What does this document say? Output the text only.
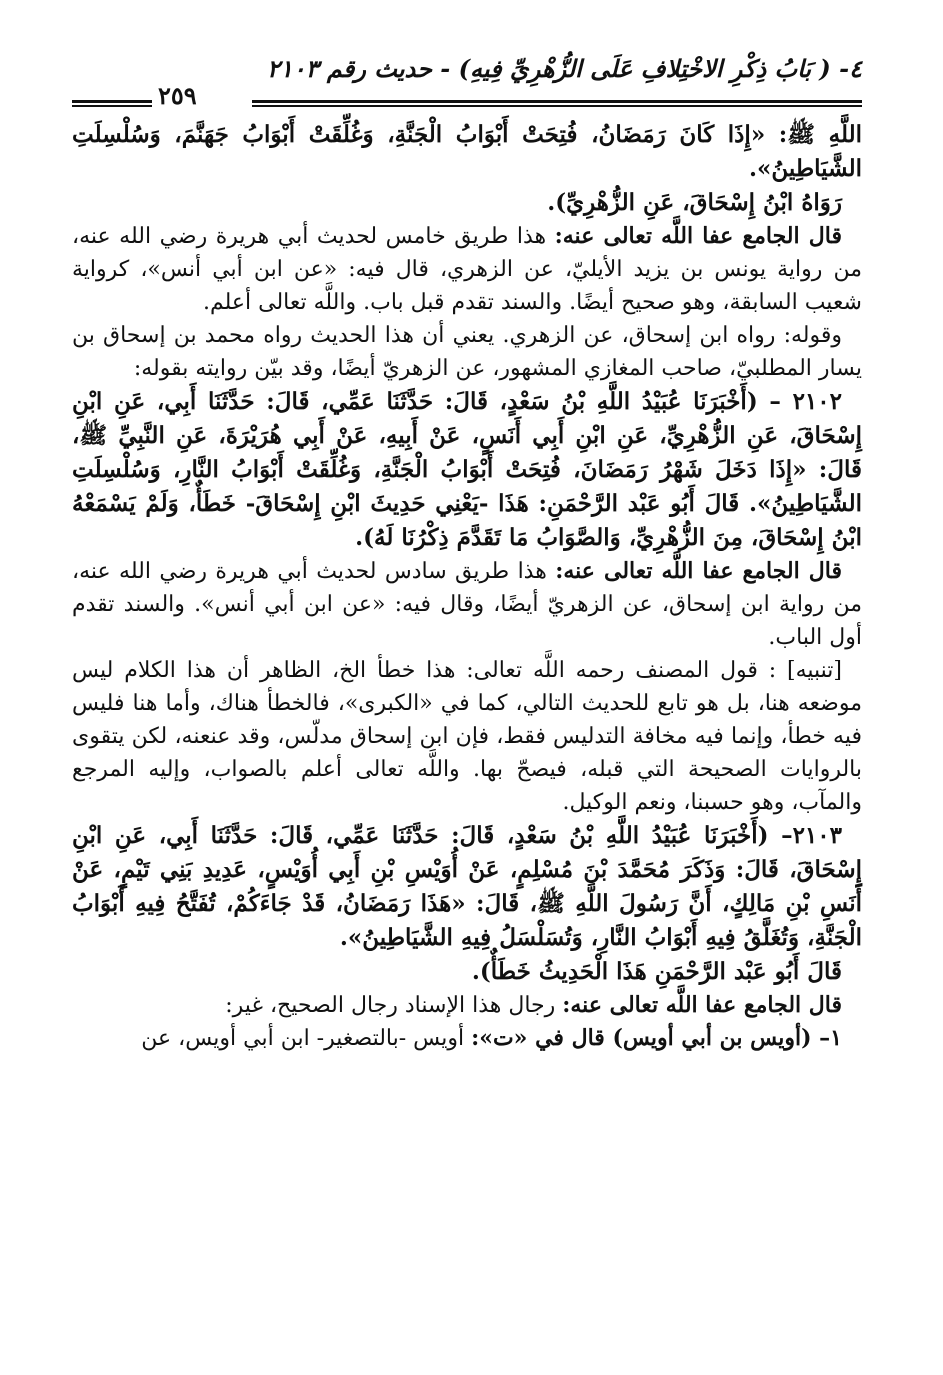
٤- ( بَابُ ذِكْرِ الاخْتِلافِ عَلَى الزُّهْرِيِّ فِيهِ) - حديث رقم ٢١٠٣
٢٥٩

اللَّهِ ﷺ: «إِذَا كَانَ رَمَضَانُ، فُتِحَتْ أَبْوَابُ الْجَنَّةِ، وَغُلِّقَتْ أَبْوَابُ جَهَنَّمَ، وَسُلْسِلَتِ الشَّيَاطِينُ».

رَوَاهُ ابْنُ إِسْحَاقَ، عَنِ الزُّهْرِيِّ).

قال الجامع عفا اللَّه تعالى عنه: هذا طريق خامس لحديث أبي هريرة رضي الله عنه، من رواية يونس بن يزيد الأيليّ، عن الزهري، قال فيه: «عن ابن أبي أنس»، كرواية شعيب السابقة، وهو صحيح أيضًا. والسند تقدم قبل باب. واللَّه تعالى أعلم.

وقوله: رواه ابن إسحاق، عن الزهري. يعني أن هذا الحديث رواه محمد بن إسحاق بن يسار المطلبيّ، صاحب المغازي المشهور، عن الزهريّ أيضًا، وقد بيّن روايته بقوله:

٢١٠٢ – (أَخْبَرَنَا عُبَيْدُ اللَّهِ بْنُ سَعْدٍ، قَالَ: حَدَّثَنَا عَمِّي، قَالَ: حَدَّثَنَا أَبِي، عَنِ ابْنِ إِسْحَاقَ، عَنِ الزُّهْرِيِّ، عَنِ ابْنِ أَبِي أَنَسٍ، عَنْ أَبِيهِ، عَنْ أَبِي هُرَيْرَةَ، عَنِ النَّبِيِّ ﷺ، قَالَ: «إِذَا دَخَلَ شَهْرُ رَمَضَانَ، فُتِحَتْ أَبْوَابُ الْجَنَّةِ، وَغُلِّقَتْ أَبْوَابُ النَّارِ، وَسُلْسِلَتِ الشَّيَاطِينُ». قَالَ أَبُو عَبْد الرَّحْمَنِ: هَذَا -يَعْنِي حَدِيثَ ابْنِ إِسْحَاقَ- خَطَأٌ، وَلَمْ يَسْمَعْهُ ابْنُ إِسْحَاقَ، مِنَ الزُّهْرِيِّ، وَالصَّوَابُ مَا تَقَدَّمَ ذِكْرُنَا لَهُ).

قال الجامع عفا اللَّه تعالى عنه: هذا طريق سادس لحديث أبي هريرة رضي الله عنه، من رواية ابن إسحاق، عن الزهريّ أيضًا، وقال فيه: «عن ابن أبي أنس». والسند تقدم أول الباب.

[تنبيه] : قول المصنف رحمه اللَّه تعالى: هذا خطأ الخ، الظاهر أن هذا الكلام ليس موضعه هنا، بل هو تابع للحديث التالي، كما في «الكبرى»، فالخطأ هناك، وأما هنا فليس فيه خطأ، وإنما فيه مخافة التدليس فقط، فإن ابن إسحاق مدلّس، وقد عنعنه، لكن يتقوى بالروايات الصحيحة التي قبله، فيصحّ بها. واللَّه تعالى أعلم بالصواب، وإليه المرجع والمآب، وهو حسبنا، ونعم الوكيل.

٢١٠٣– (أَخْبَرَنَا عُبَيْدُ اللَّهِ بْنُ سَعْدٍ، قَالَ: حَدَّثَنَا عَمِّي، قَالَ: حَدَّثَنَا أَبِي، عَنِ ابْنِ إِسْحَاقَ، قَالَ: وَذَكَرَ مُحَمَّدَ بْنَ مُسْلِمٍ، عَنْ أُوَيْسِ بْنِ أَبِي أُوَيْسٍ، عَدِيدِ بَنِي تَيْمٍ، عَنْ أَنَسِ بْنِ مَالِكٍ، أَنَّ رَسُولَ اللَّهِ ﷺ، قَالَ: «هَذَا رَمَضَانُ، قَدْ جَاءَكُمْ، تُفَتَّحُ فِيهِ أَبْوَابُ الْجَنَّةِ، وَتُغَلَّقُ فِيهِ أَبْوَابُ النَّارِ، وَتُسَلْسَلُ فِيهِ الشَّيَاطِينُ».

قَالَ أَبُو عَبْد الرَّحْمَنِ هَذَا الْحَدِيثُ خَطَأٌ).

قال الجامع عفا اللَّه تعالى عنه: رجال هذا الإسناد رجال الصحيح، غير:

١– (أويس بن أبي أويس) قال في «ت»: أويس -بالتصغير- ابن أبي أويس، عن
